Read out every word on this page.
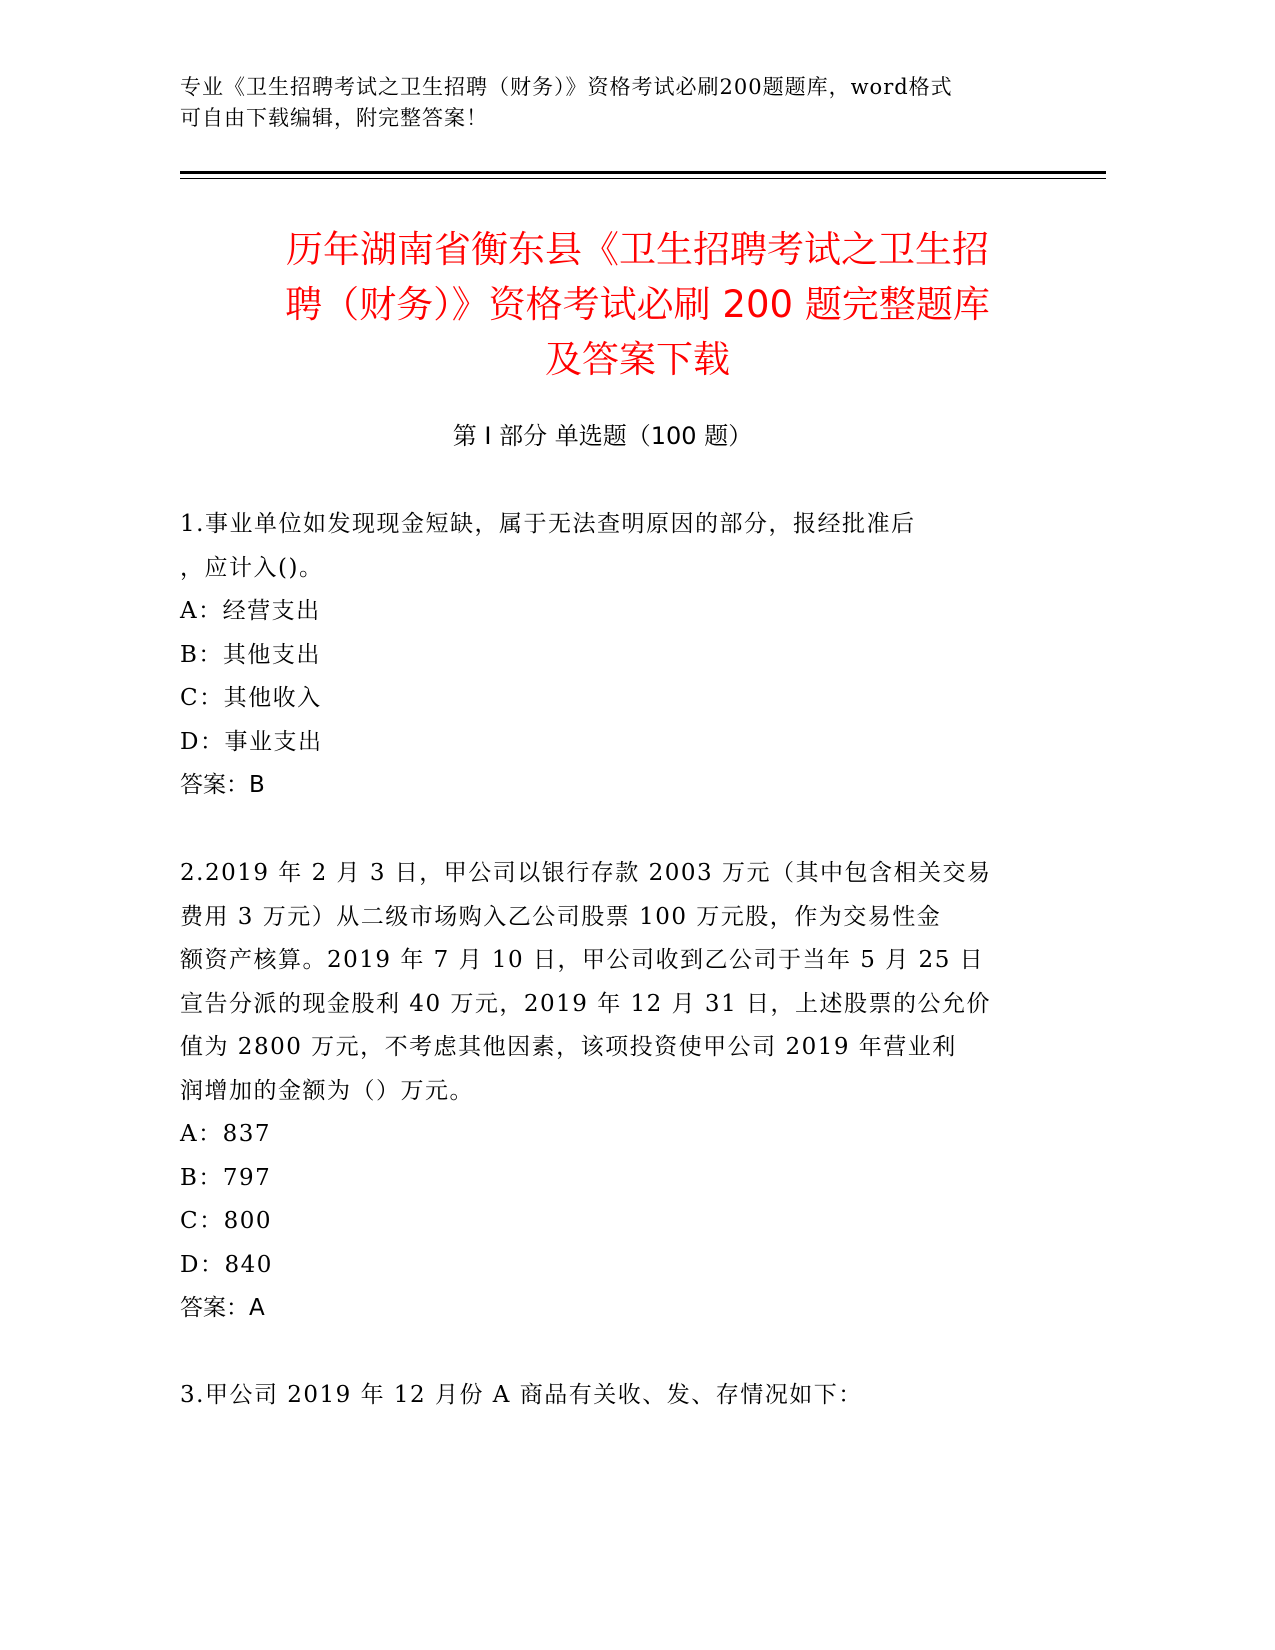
专业《卫生招聘考试之卫生招聘（财务）》资格考试必刷200题题库，word格式
可自由下载编辑，附完整答案！
历年湖南省衡东县《卫生招聘考试之卫生招
聘（财务）》资格考试必刷 200 题完整题库
及答案下载
第 I 部分 单选题（100 题）
1.事业单位如发现现金短缺，属于无法查明原因的部分，报经批准后
，应计入()。
A：经营支出
B：其他支出
C：其他收入
D：事业支出
答案：B
2.2019 年 2 月 3 日，甲公司以银行存款 2003 万元（其中包含相关交易
费用 3 万元）从二级市场购入乙公司股票 100 万元股，作为交易性金
额资产核算。2019 年 7 月 10 日，甲公司收到乙公司于当年 5 月 25 日
宣告分派的现金股利 40 万元，2019 年 12 月 31 日，上述股票的公允价
值为 2800 万元，不考虑其他因素，该项投资使甲公司 2019 年营业利
润增加的金额为（）万元。
A：837
B：797
C：800
D：840
答案：A
3.甲公司 2019 年 12 月份 A 商品有关收、发、存情况如下：
